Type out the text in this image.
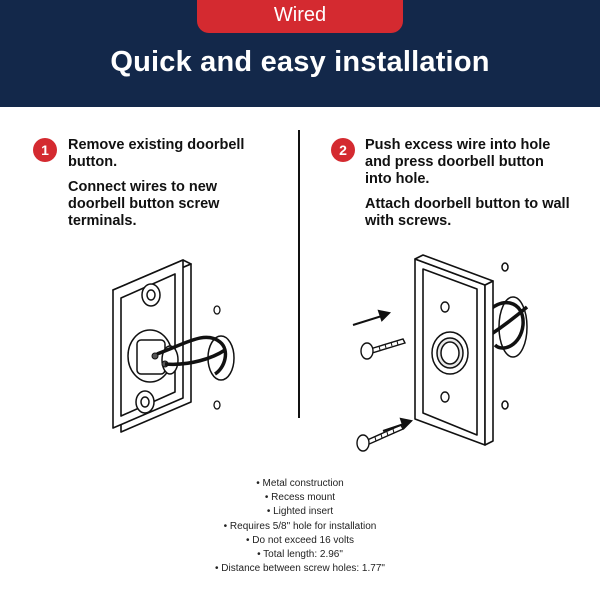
Wired
Quick and easy installation
1	Remove existing doorbell button.

Connect wires to new doorbell button screw terminals.

2	Push excess wire into hole and press doorbell button into hole.

Attach doorbell button to wall with screws.

• Metal construction
• Recess mount
• Lighted insert
• Requires 5/8" hole for installation
• Do not exceed 16 volts
• Total length: 2.96"
• Distance between screw holes: 1.77"
